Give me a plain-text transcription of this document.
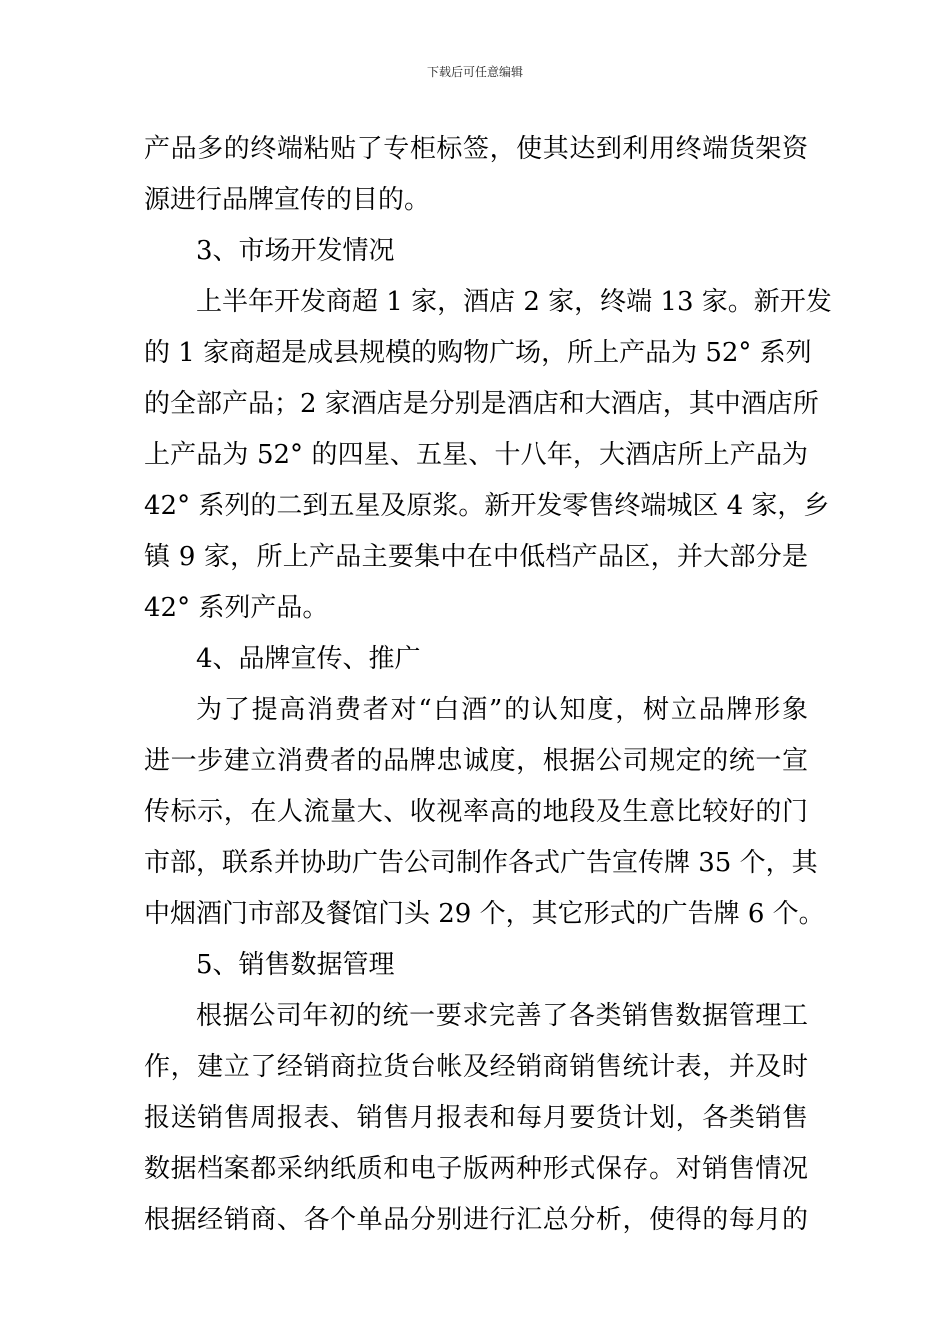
下载后可任意编辑
产品多的终端粘贴了专柜标签，使其达到利用终端货架资
源进行品牌宣传的目的。
3、市场开发情况
上半年开发商超 1 家，酒店 2 家，终端 13 家。新开发
的 1 家商超是成县规模的购物广场，所上产品为 52° 系列
的全部产品；2 家酒店是分别是酒店和大酒店，其中酒店所
上产品为 52° 的四星、五星、十八年，大酒店所上产品为
42° 系列的二到五星及原浆。新开发零售终端城区 4 家，乡
镇 9 家，所上产品主要集中在中低档产品区，并大部分是
42° 系列产品。
4、品牌宣传、推广
为了提高消费者对“白酒”的认知度，树立品牌形象
进一步建立消费者的品牌忠诚度，根据公司规定的统一宣
传标示，在人流量大、收视率高的地段及生意比较好的门
市部，联系并协助广告公司制作各式广告宣传牌 35 个，其
中烟酒门市部及餐馆门头 29 个，其它形式的广告牌 6 个。
5、销售数据管理
根据公司年初的统一要求完善了各类销售数据管理工
作，建立了经销商拉货台帐及经销商销售统计表，并及时
报送销售周报表、销售月报表和每月要货计划，各类销售
数据档案都采纳纸质和电子版两种形式保存。对销售情况
根据经销商、各个单品分别进行汇总分析，使得的每月的
